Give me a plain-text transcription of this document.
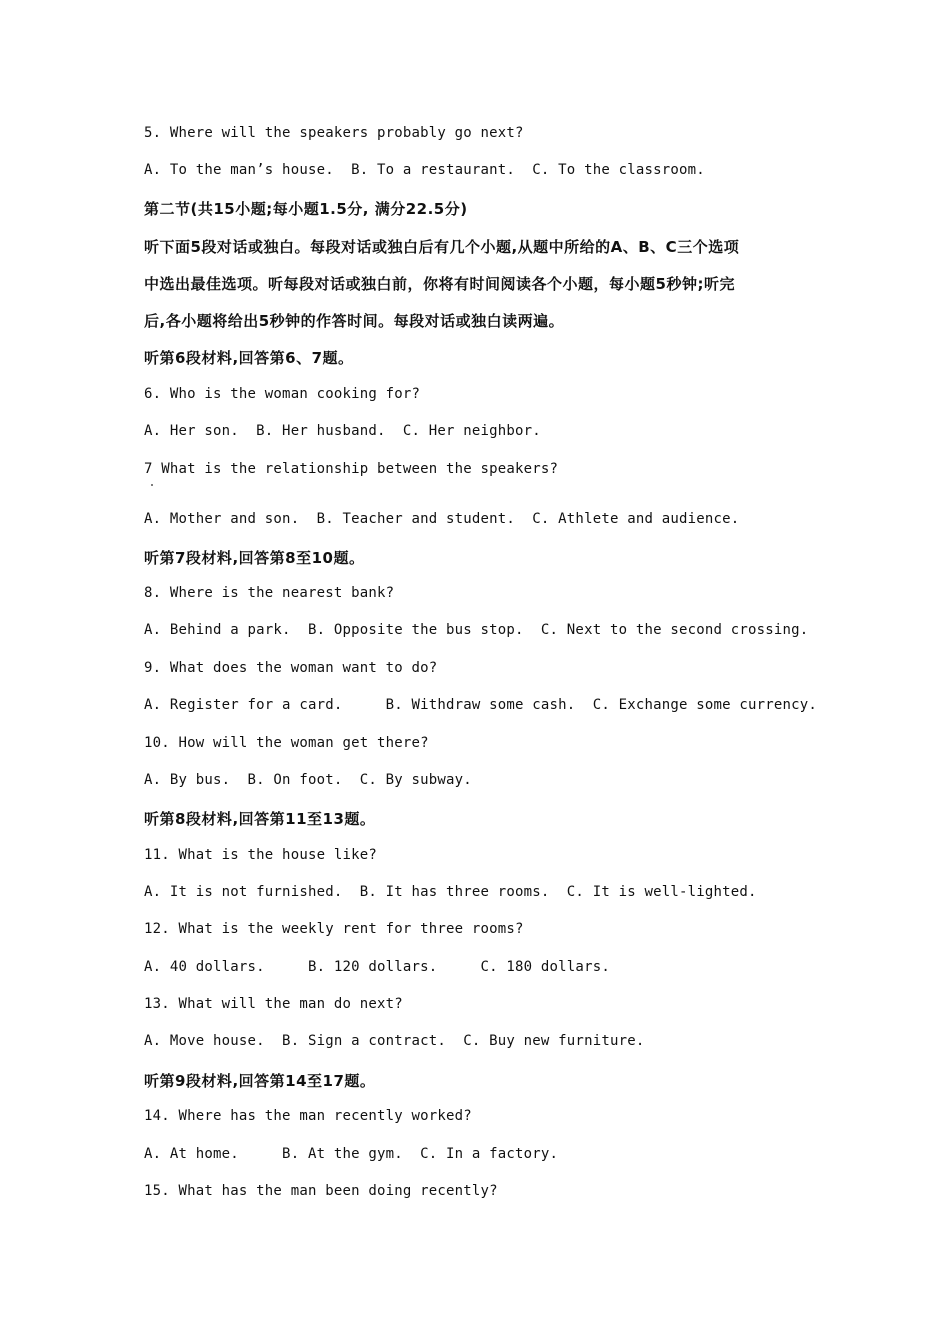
5. Where will the speakers probably go next?
A. To the man’s house.  B. To a restaurant.  C. To the classroom.
第二节(共15小题;每小题1.5分, 满分22.5分)
听下面5段对话或独白。每段对话或独白后有几个小题,从题中所给的A、B、C三个选项
中选出最佳选项。听每段对话或独白前，你将有时间阅读各个小题，每小题5秒钟;听完
后,各小题将给出5秒钟的作答时间。每段对话或独白读两遍。
听第6段材料,回答第6、7题。
6. Who is the woman cooking for?
A. Her son.  B. Her husband.  C. Her neighbor.
7 What is the relationship between the speakers?
A. Mother and son.  B. Teacher and student.  C. Athlete and audience.
听第7段材料,回答第8至10题。
8. Where is the nearest bank?
A. Behind a park.  B. Opposite the bus stop.  C. Next to the second crossing.
9. What does the woman want to do?
A. Register for a card.     B. Withdraw some cash.  C. Exchange some currency.
10. How will the woman get there?
A. By bus.  B. On foot.  C. By subway.
听第8段材料,回答第11至13题。
11. What is the house like?
A. It is not furnished.  B. It has three rooms.  C. It is well-lighted.
12. What is the weekly rent for three rooms?
A. 40 dollars.     B. 120 dollars.     C. 180 dollars.
13. What will the man do next?
A. Move house.  B. Sign a contract.  C. Buy new furniture.
听第9段材料,回答第14至17题。
14. Where has the man recently worked?
A. At home.     B. At the gym.  C. In a factory.
15. What has the man been doing recently?
